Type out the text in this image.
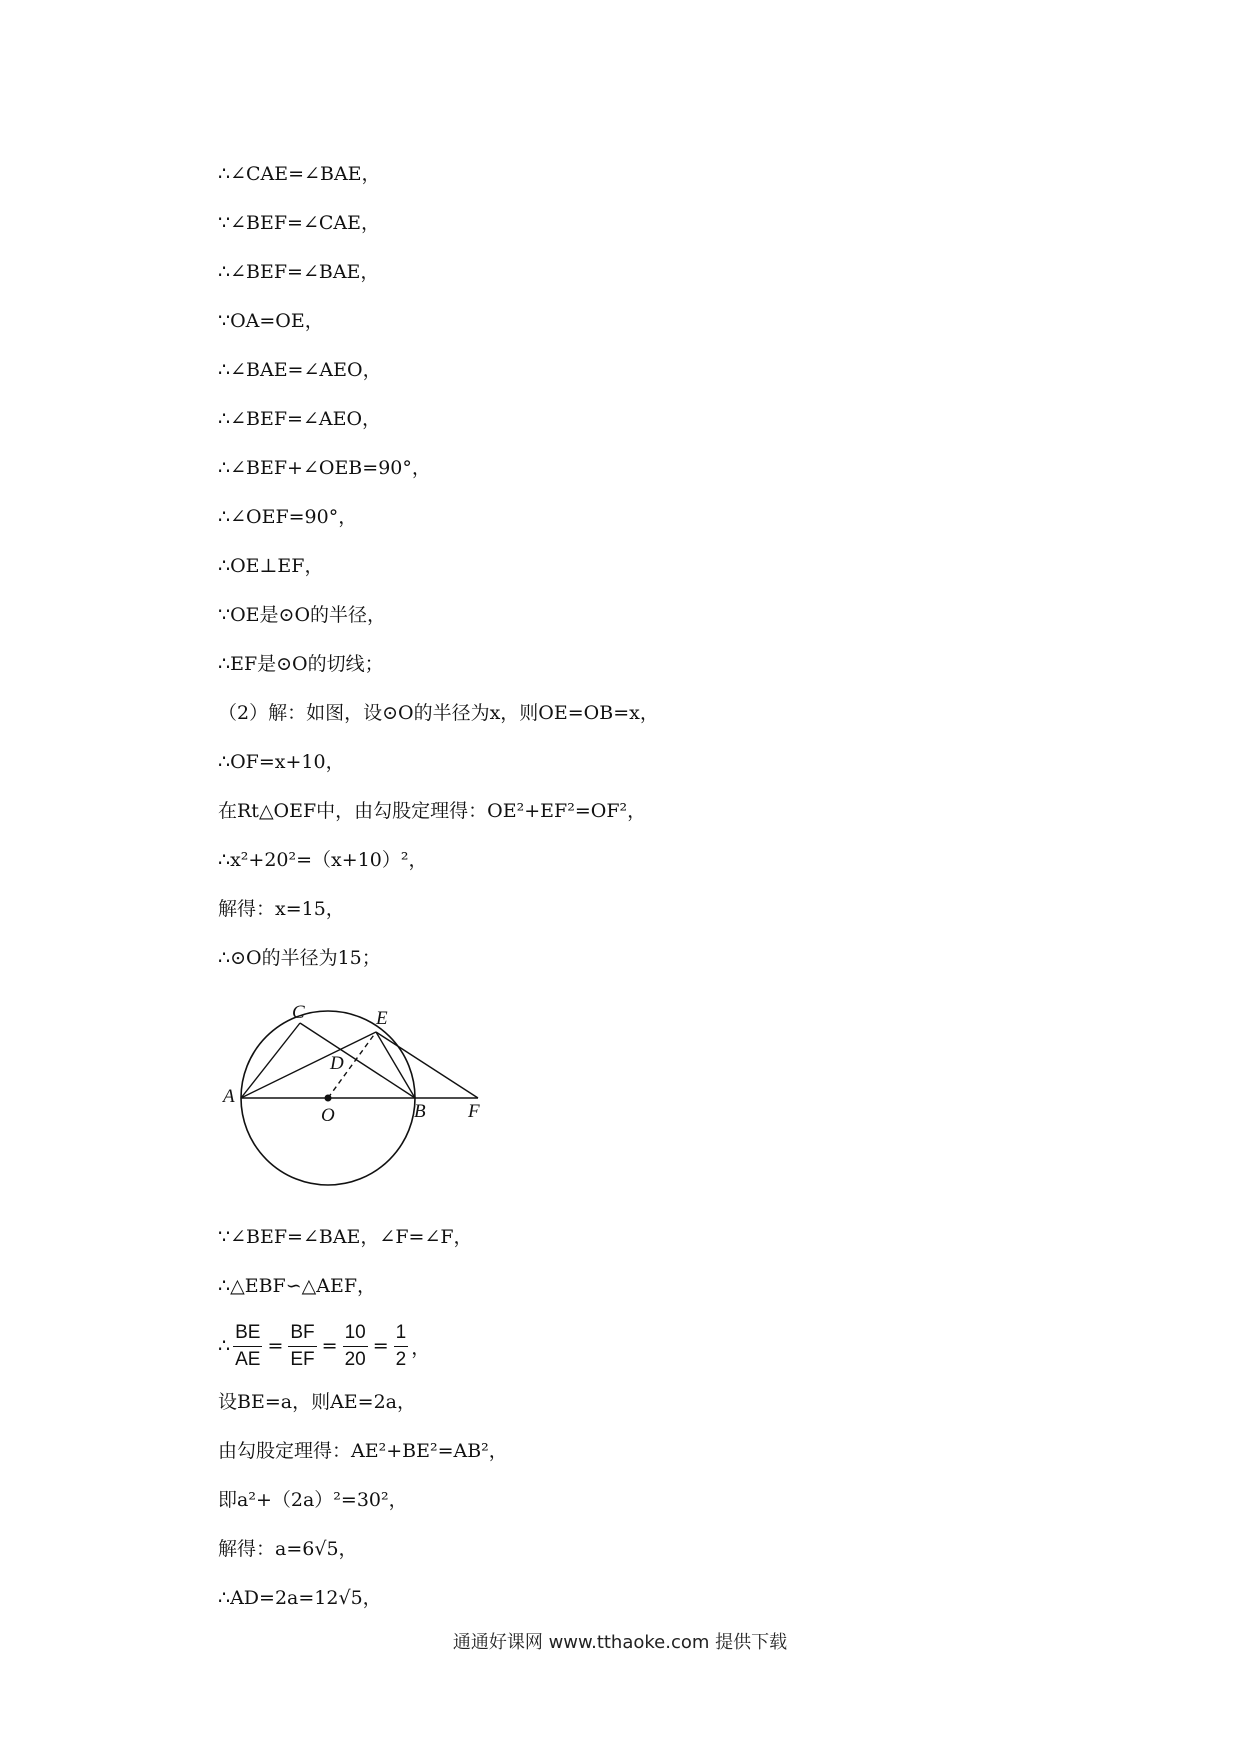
∴∠CAE=∠BAE，
∵∠BEF=∠CAE，
∴∠BEF=∠BAE，
∵OA=OE，
∴∠BAE=∠AEO，
∴∠BEF=∠AEO，
∴∠BEF+∠OEB=90°，
∴∠OEF=90°，
∴OE⊥EF，
∵OE是⊙O的半径，
∴EF是⊙O的切线；
（2）解：如图，设⊙O的半径为x，则OE=OB=x，
∴OF=x+10，
在Rt△OEF中，由勾股定理得：OE²+EF²=OF²，
∴x²+20²=（x+10）²，
解得：x=15，
∴⊙O的半径为15；
A
B
C
D
E
F
O
∵∠BEF=∠BAE，∠F=∠F，
∴△EBF∽△AEF，
∴ $\frac{BE}{AE} = \frac{BF}{EF} = \frac{10}{20} = \frac{1}{2}$ ，
设BE=a，则AE=2a，
由勾股定理得：AE²+BE²=AB²，
即a²+（2a）²=30²，
解得：a=6√5，
∴AD=2a=12√5，
通通好课网 www.tthaoke.com 提供下载
